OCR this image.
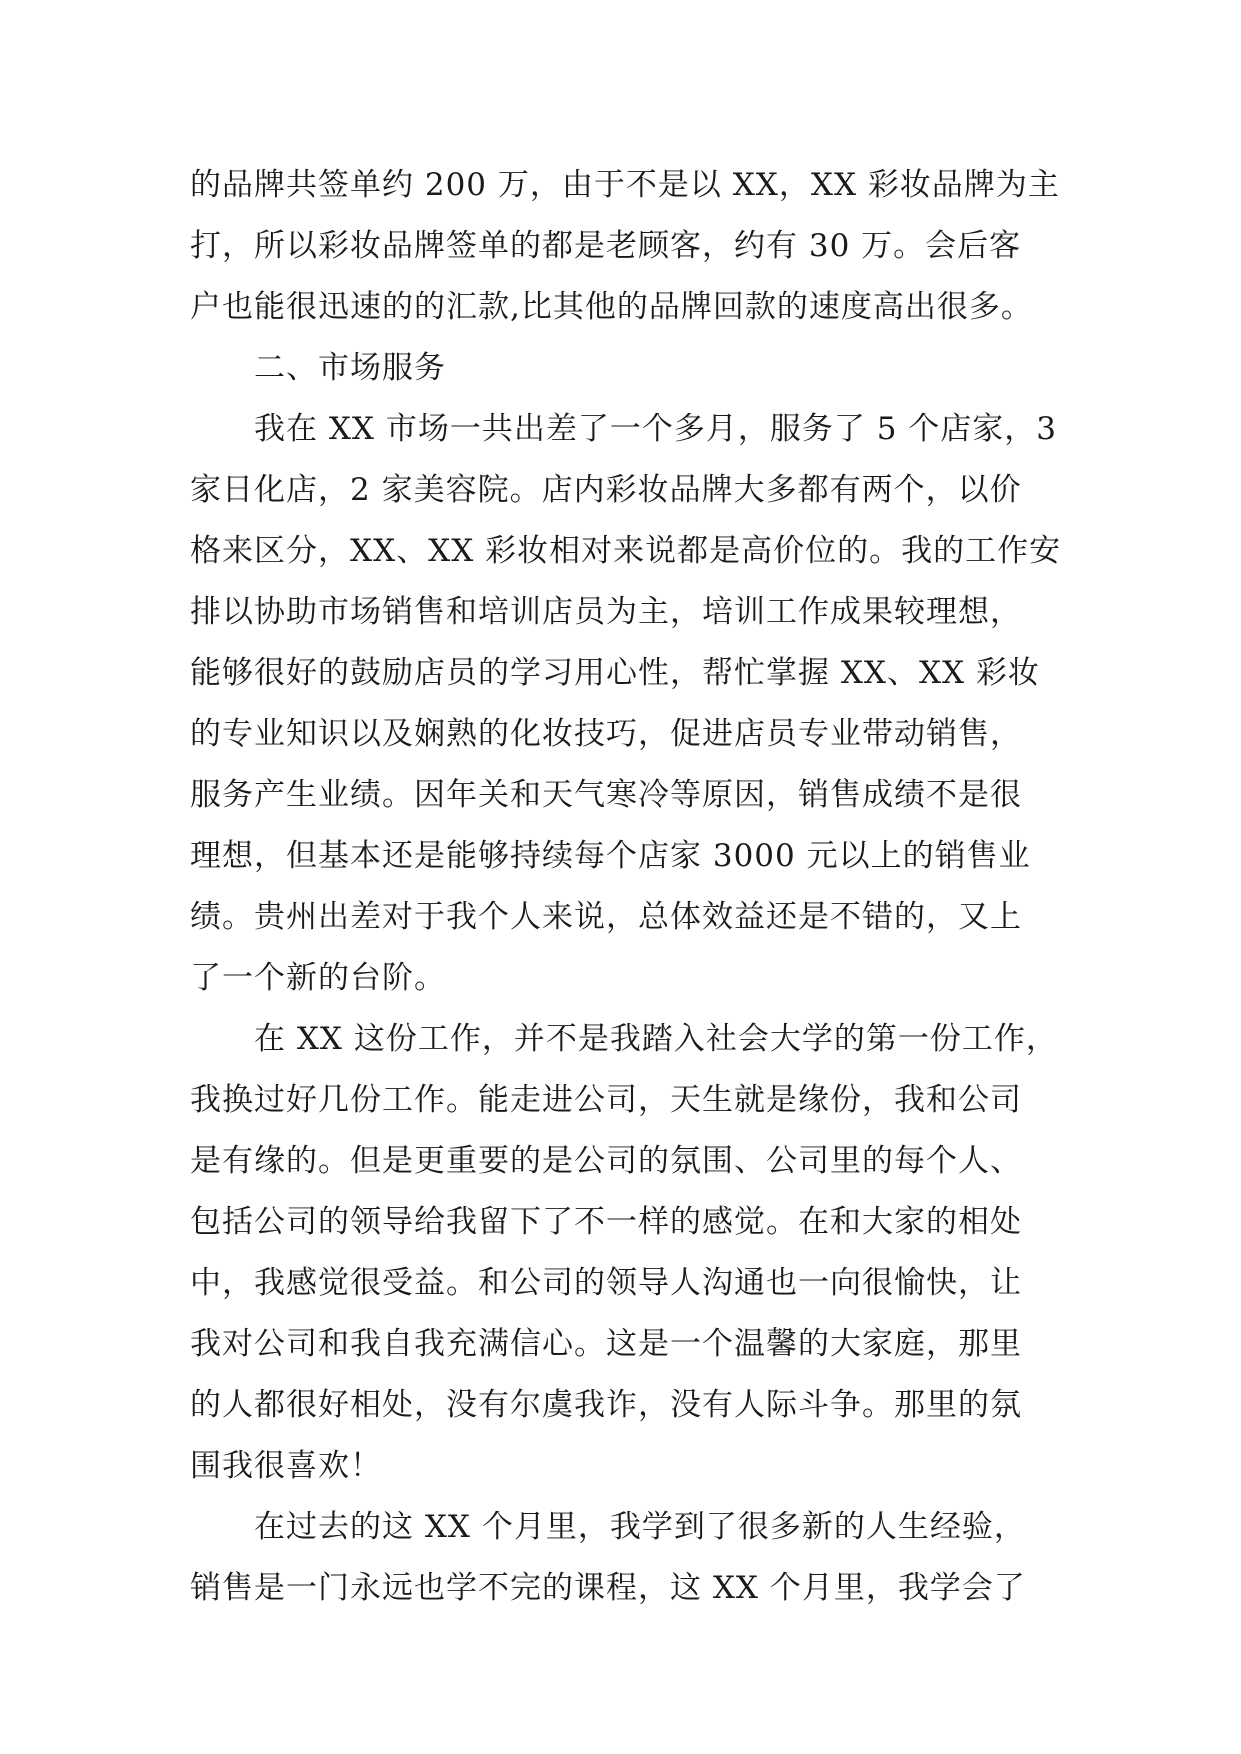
的品牌共签单约 200 万，由于不是以 XX，XX 彩妆品牌为主
打，所以彩妆品牌签单的都是老顾客，约有 30 万。会后客
户也能很迅速的的汇款,比其他的品牌回款的速度高出很多。
二、市场服务
我在 XX 市场一共出差了一个多月，服务了 5 个店家，3
家日化店，2 家美容院。店内彩妆品牌大多都有两个，以价
格来区分，XX、XX 彩妆相对来说都是高价位的。我的工作安
排以协助市场销售和培训店员为主，培训工作成果较理想，
能够很好的鼓励店员的学习用心性，帮忙掌握 XX、XX 彩妆
的专业知识以及娴熟的化妆技巧，促进店员专业带动销售，
服务产生业绩。因年关和天气寒冷等原因，销售成绩不是很
理想，但基本还是能够持续每个店家 3000 元以上的销售业
绩。贵州出差对于我个人来说，总体效益还是不错的，又上
了一个新的台阶。
在 XX 这份工作，并不是我踏入社会大学的第一份工作，
我换过好几份工作。能走进公司，天生就是缘份，我和公司
是有缘的。但是更重要的是公司的氛围、公司里的每个人、
包括公司的领导给我留下了不一样的感觉。在和大家的相处
中，我感觉很受益。和公司的领导人沟通也一向很愉快，让
我对公司和我自我充满信心。这是一个温馨的大家庭，那里
的人都很好相处，没有尔虞我诈，没有人际斗争。那里的氛
围我很喜欢！
在过去的这 XX 个月里，我学到了很多新的人生经验，
销售是一门永远也学不完的课程，这 XX 个月里，我学会了
